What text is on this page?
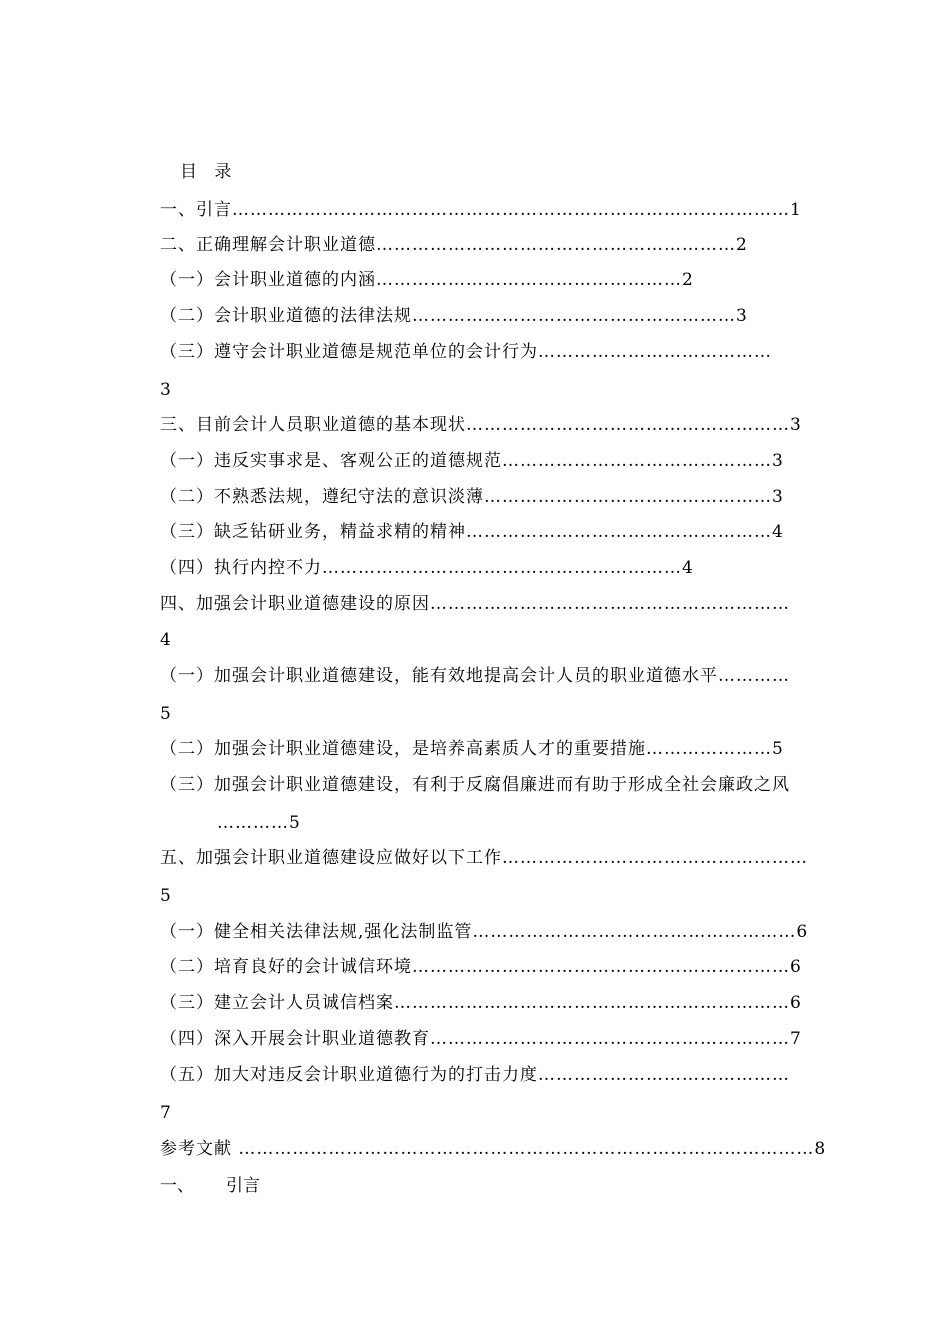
目 录
一、引言…………………………………………………………………………………1
二、正确理解会计职业道德……………………………………………………2
（一）会计职业道德的内涵……………………………………………2
（二）会计职业道德的法律法规………………………………………………3
（三）遵守会计职业道德是规范单位的会计行为…………………………………
3
三、目前会计人员职业道德的基本现状………………………………………………3
（一）违反实事求是、客观公正的道德规范………………………………………3
（二）不熟悉法规，遵纪守法的意识淡薄…………………………………………3
（三）缺乏钻研业务，精益求精的精神……………………………………………4
（四）执行内控不力……………………………………………………4
四、加强会计职业道德建设的原因……………………………………………………
4
（一）加强会计职业道德建设，能有效地提高会计人员的职业道德水平…………
5
（二）加强会计职业道德建设，是培养高素质人才的重要措施…………………5
（三）加强会计职业道德建设，有利于反腐倡廉进而有助于形成全社会廉政之风
…………5
五、加强会计职业道德建设应做好以下工作……………………………………………
5
（一）健全相关法律法规,强化法制监管………………………………………………6
（二）培育良好的会计诚信环境………………………………………………………6
（三）建立会计人员诚信档案…………………………………………………………6
（四）深入开展会计职业道德教育……………………………………………………7
（五）加大对违反会计职业道德行为的打击力度……………………………………
7
参考文献 ……………………………………………………………………………………8
一、 引言
